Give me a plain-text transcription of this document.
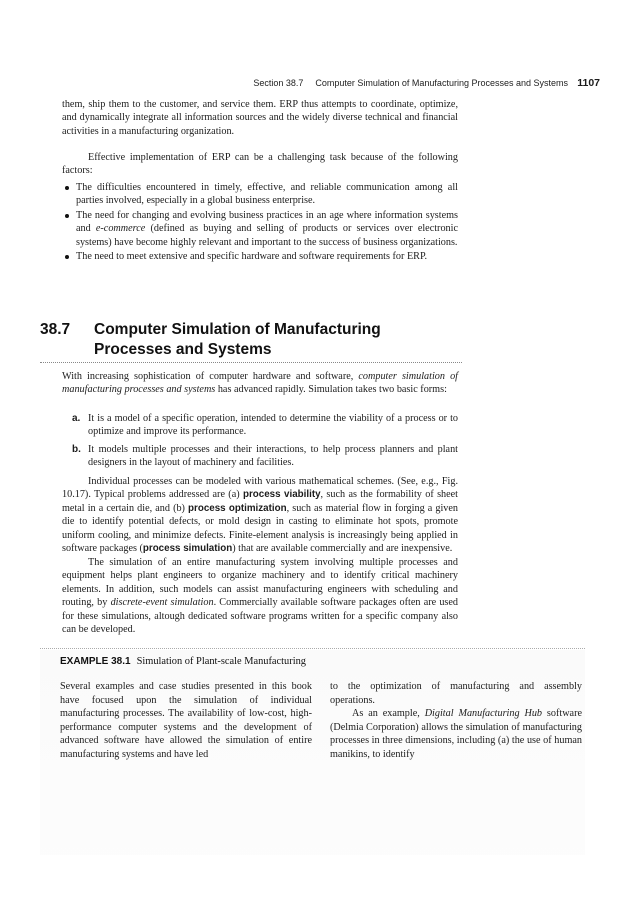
Section 38.7 Computer Simulation of Manufacturing Processes and Systems 1107

them, ship them to the customer, and service them. ERP thus attempts to coordinate, optimize, and dynamically integrate all information sources and the widely diverse technical and financial activities in a manufacturing organization.

Effective implementation of ERP can be a challenging task because of the following factors:

The difficulties encountered in timely, effective, and reliable communication among all parties involved, especially in a global business enterprise.
The need for changing and evolving business practices in an age where information systems and e-commerce (defined as buying and selling of products or services over electronic systems) have become highly relevant and important to the success of business organizations.
The need to meet extensive and specific hardware and software requirements for ERP.
38.7 Computer Simulation of Manufacturing
Processes and Systems

With increasing sophistication of computer hardware and software, computer simulation of manufacturing processes and systems has advanced rapidly. Simulation takes two basic forms:

a. It is a model of a specific operation, intended to determine the viability of a process or to optimize and improve its performance.
b. It models multiple processes and their interactions, to help process planners and plant designers in the layout of machinery and facilities.

Individual processes can be modeled with various mathematical schemes. (See, e.g., Fig. 10.17). Typical problems addressed are (a) process viability, such as the formability of sheet metal in a certain die, and (b) process optimization, such as material flow in forging a given die to identify potential defects, or mold design in casting to eliminate hot spots, promote uniform cooling, and minimize defects. Finite-element analysis is increasingly being applied in software packages (process simulation) that are available commercially and are inexpensive.

The simulation of an entire manufacturing system involving multiple processes and equipment helps plant engineers to organize machinery and to identify critical machinery elements. In addition, such models can assist manufacturing engineers with scheduling and routing, by discrete-event simulation. Commercially available software packages often are used for these simulations, altough dedicated software programs written for a specific company also can be developed.

EXAMPLE 38.1 Simulation of Plant-scale Manufacturing

Several examples and case studies presented in this book have focused upon the simulation of individual manufacturing processes. The availability of low-cost, high-performance computer systems and the development of advanced software have allowed the simulation of entire manufacturing systems and have led

to the optimization of manufacturing and assembly operations.
As an example, Digital Manufacturing Hub software (Delmia Corporation) allows the simulation of manufacturing processes in three dimensions, including (a) the use of human manikins, to identify
